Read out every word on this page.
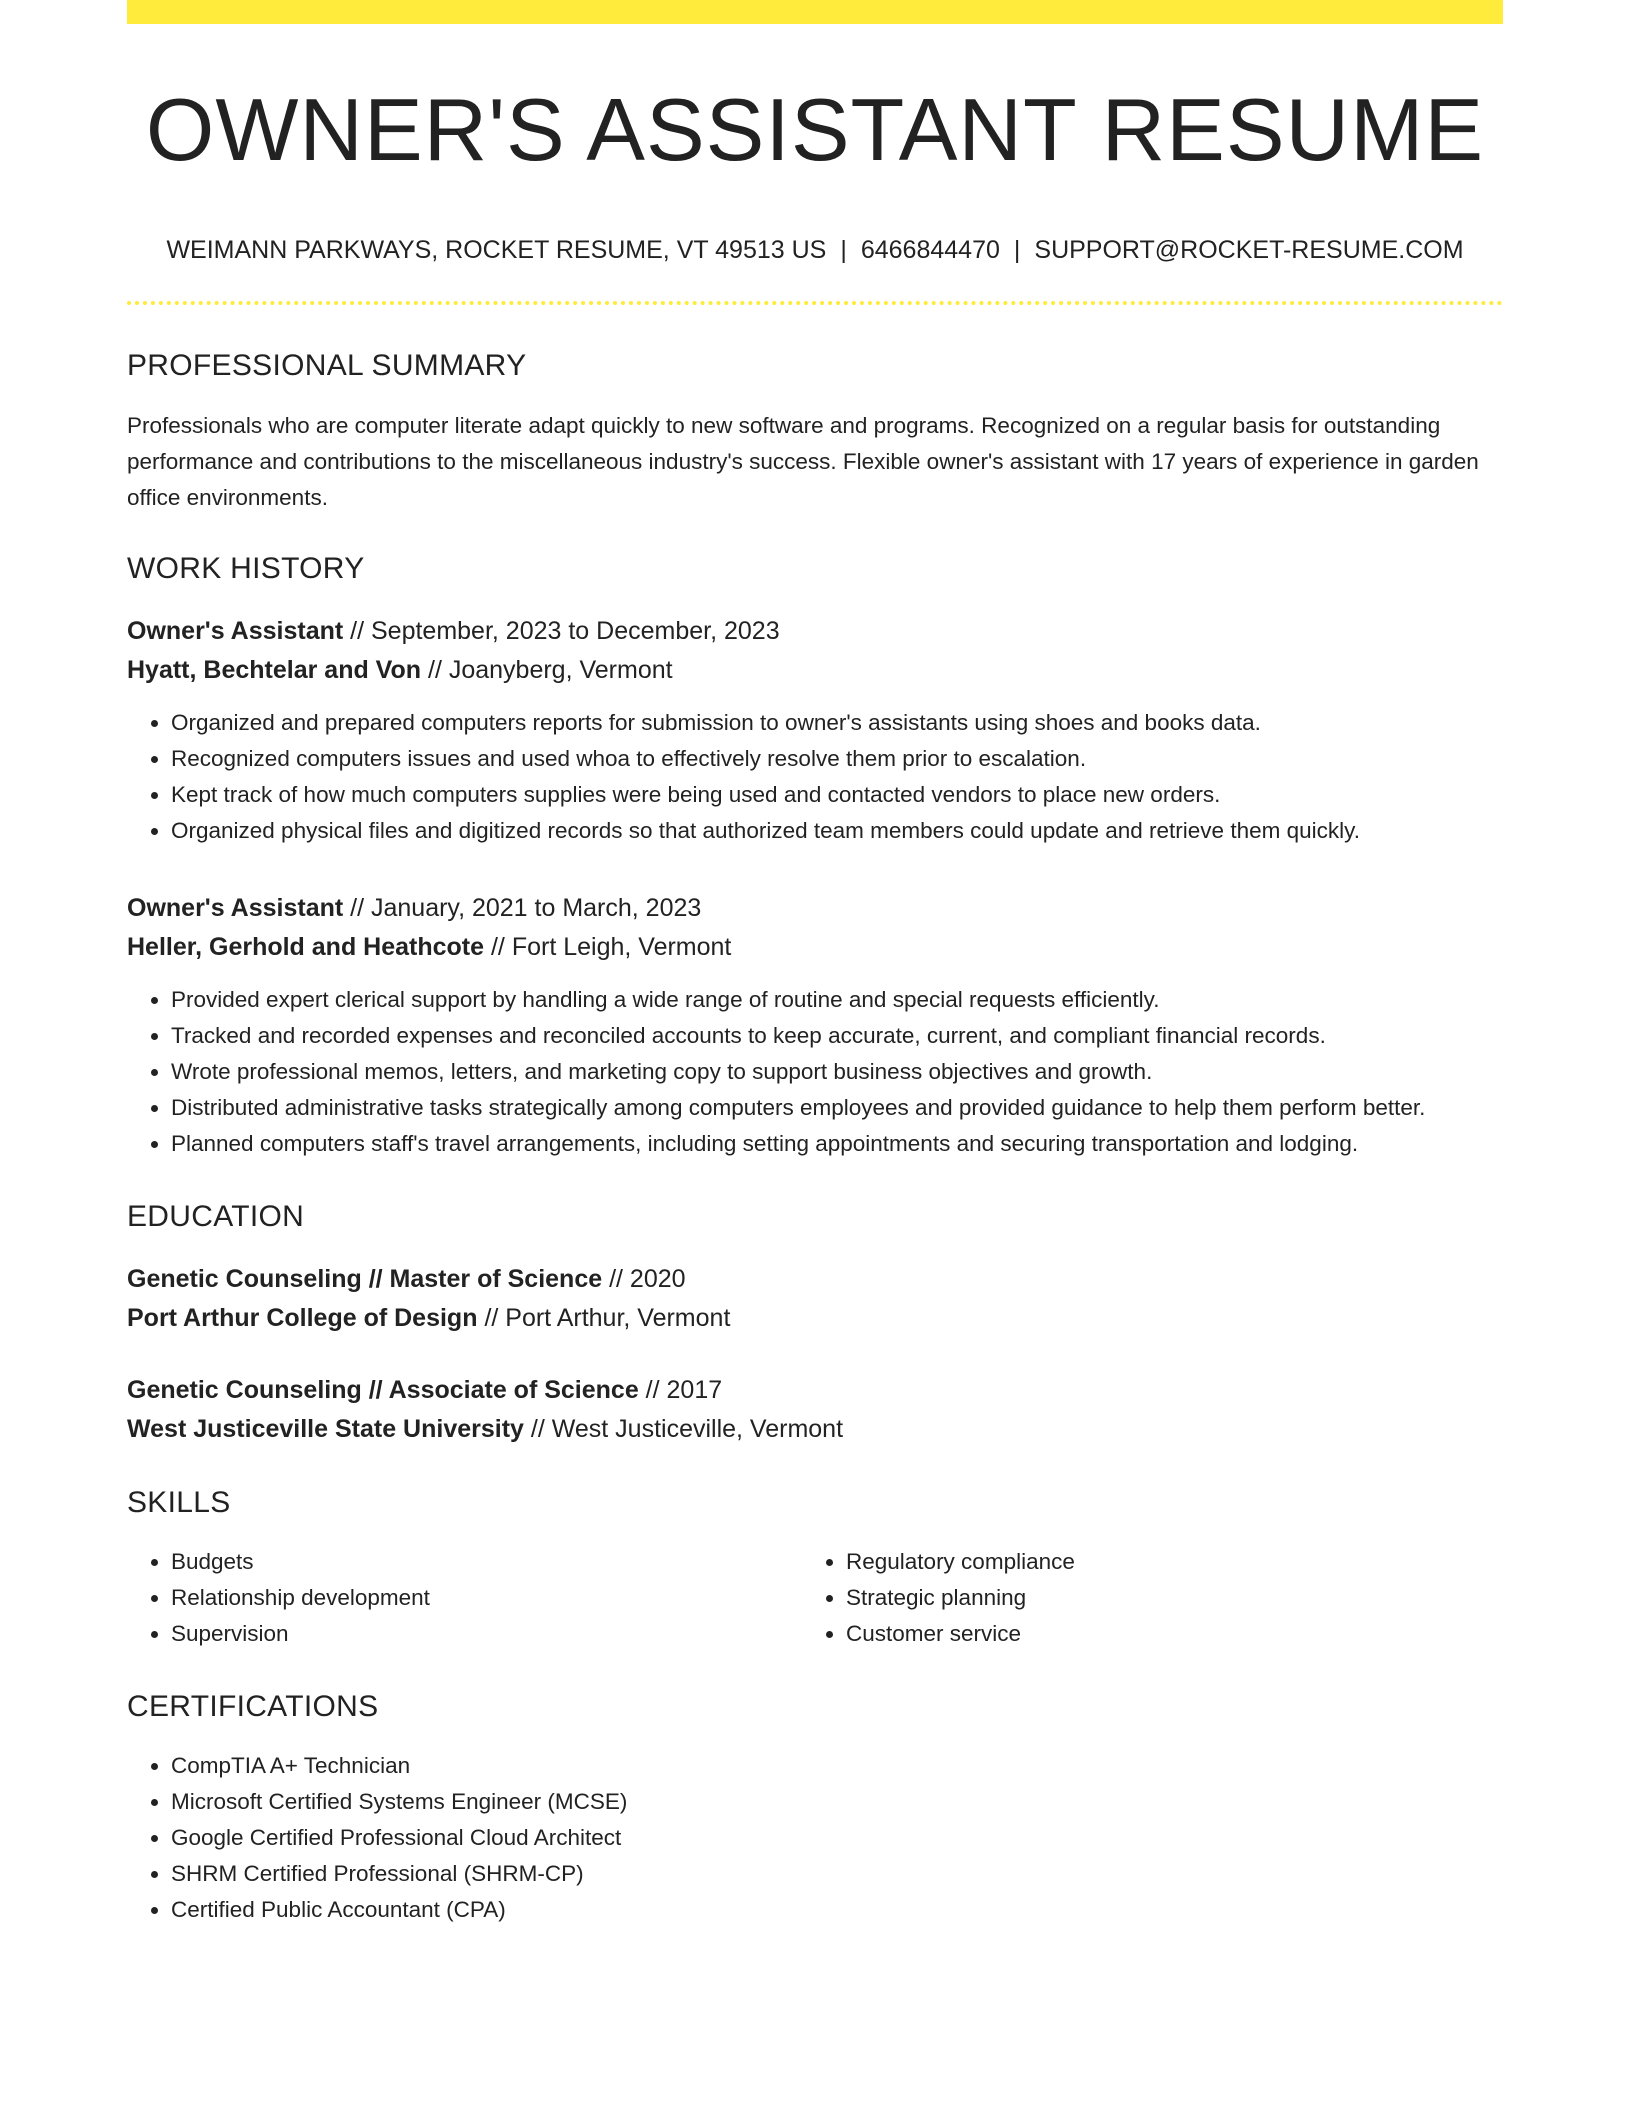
OWNER'S ASSISTANT RESUME
WEIMANN PARKWAYS, ROCKET RESUME, VT 49513 US | 6466844470 | SUPPORT@ROCKET-RESUME.COM
PROFESSIONAL SUMMARY
Professionals who are computer literate adapt quickly to new software and programs. Recognized on a regular basis for outstanding performance and contributions to the miscellaneous industry's success. Flexible owner's assistant with 17 years of experience in garden office environments.
WORK HISTORY
Owner's Assistant // September, 2023 to December, 2023
Hyatt, Bechtelar and Von // Joanyberg, Vermont
• Organized and prepared computers reports for submission to owner's assistants using shoes and books data.
• Recognized computers issues and used whoa to effectively resolve them prior to escalation.
• Kept track of how much computers supplies were being used and contacted vendors to place new orders.
• Organized physical files and digitized records so that authorized team members could update and retrieve them quickly.
Owner's Assistant // January, 2021 to March, 2023
Heller, Gerhold and Heathcote // Fort Leigh, Vermont
• Provided expert clerical support by handling a wide range of routine and special requests efficiently.
• Tracked and recorded expenses and reconciled accounts to keep accurate, current, and compliant financial records.
• Wrote professional memos, letters, and marketing copy to support business objectives and growth.
• Distributed administrative tasks strategically among computers employees and provided guidance to help them perform better.
• Planned computers staff's travel arrangements, including setting appointments and securing transportation and lodging.
EDUCATION
Genetic Counseling // Master of Science // 2020
Port Arthur College of Design // Port Arthur, Vermont
Genetic Counseling // Associate of Science // 2017
West Justiceville State University // West Justiceville, Vermont
SKILLS
• Budgets
• Relationship development
• Supervision
• Regulatory compliance
• Strategic planning
• Customer service
CERTIFICATIONS
• CompTIA A+ Technician
• Microsoft Certified Systems Engineer (MCSE)
• Google Certified Professional Cloud Architect
• SHRM Certified Professional (SHRM-CP)
• Certified Public Accountant (CPA)
